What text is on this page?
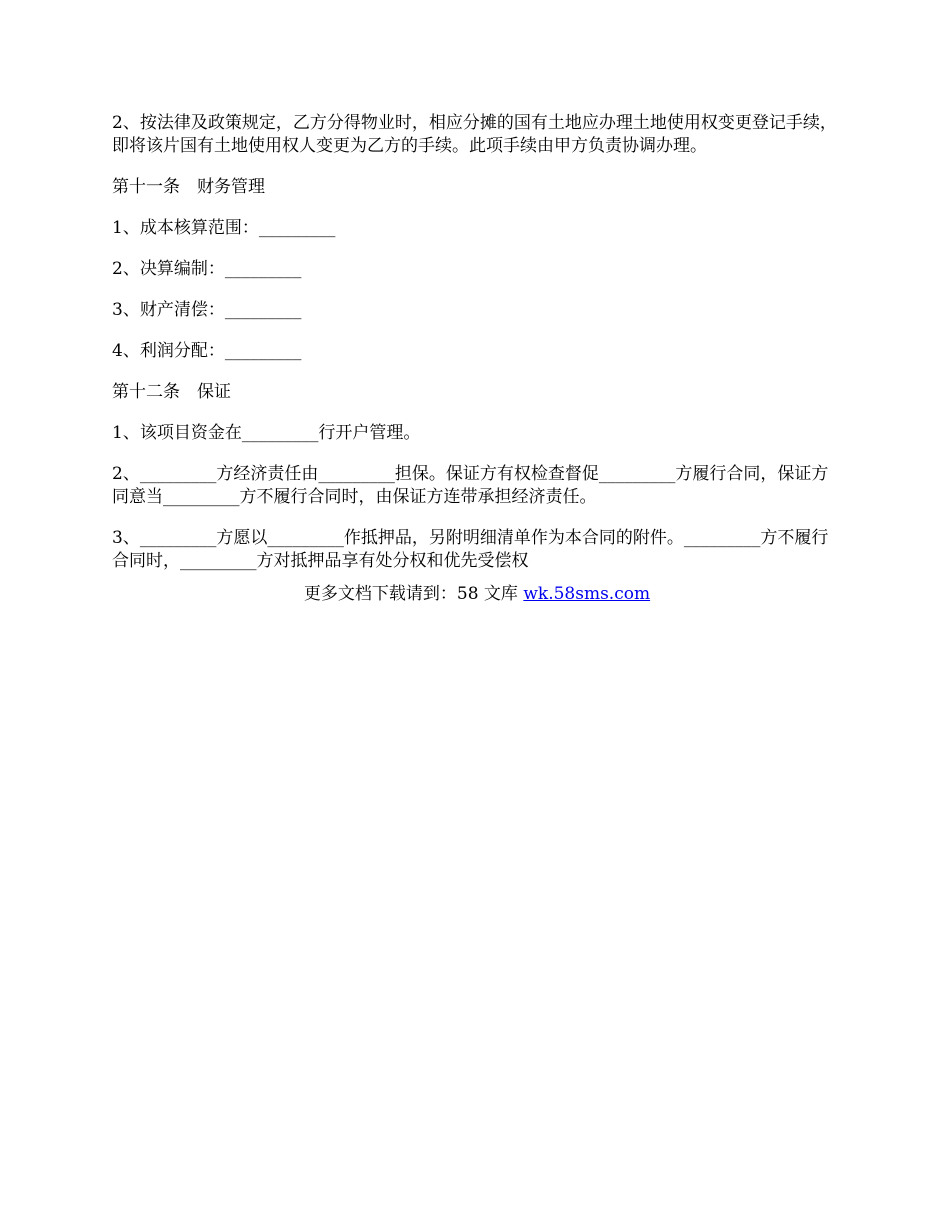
2、按法律及政策规定，乙方分得物业时，相应分摊的国有土地应办理土地使用权变更登记手续，即将该片国有土地使用权人变更为乙方的手续。此项手续由甲方负责协调办理。

第十一条　财务管理

1、成本核算范围：_________

2、决算编制：_________

3、财产清偿：_________

4、利润分配：_________

第十二条　保证

1、该项目资金在_________行开户管理。

2、_________方经济责任由_________担保。保证方有权检查督促_________方履行合同，保证方同意当_________方不履行合同时，由保证方连带承担经济责任。

3、_________方愿以_________作抵押品，另附明细清单作为本合同的附件。_________方不履行合同时，_________方对抵押品享有处分权和优先受偿权

更多文档下载请到：58 文库 wk.58sms.com
